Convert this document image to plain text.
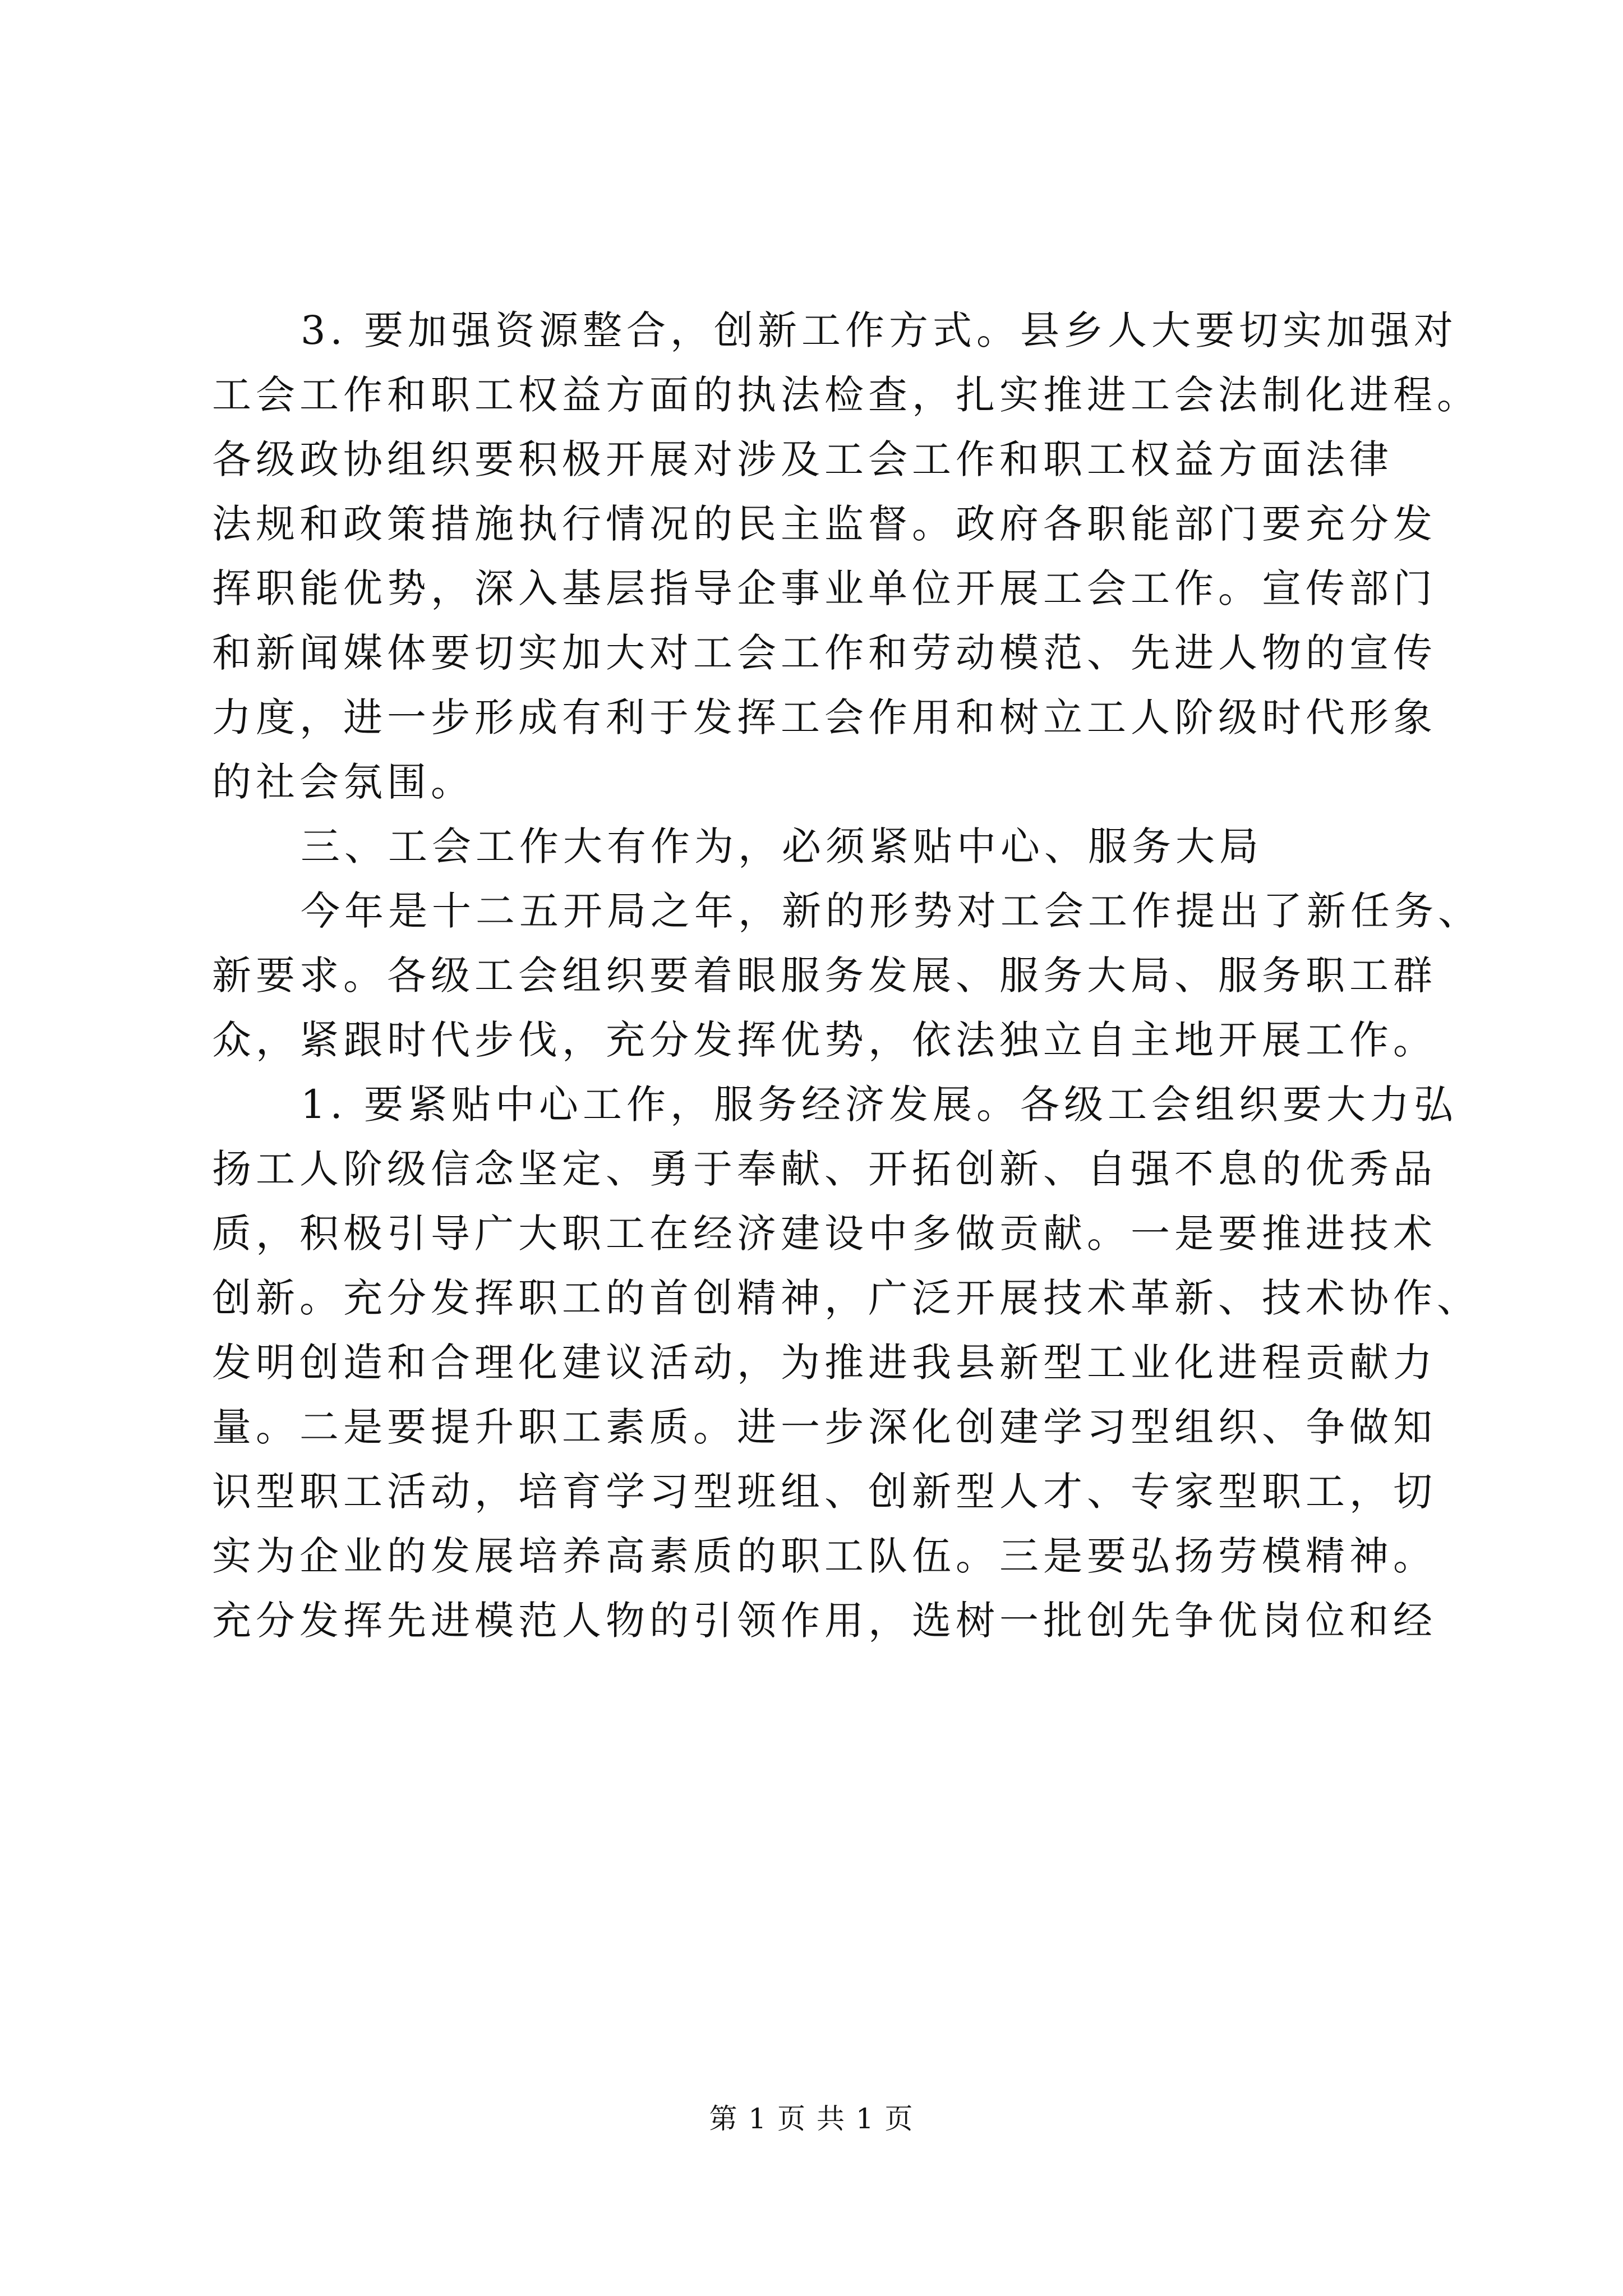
3. 要加强资源整合，创新工作方式。县乡人大要切实加强对
工会工作和职工权益方面的执法检查，扎实推进工会法制化进程。
各级政协组织要积极开展对涉及工会工作和职工权益方面法律
法规和政策措施执行情况的民主监督。政府各职能部门要充分发
挥职能优势，深入基层指导企事业单位开展工会工作。宣传部门
和新闻媒体要切实加大对工会工作和劳动模范、先进人物的宣传
力度，进一步形成有利于发挥工会作用和树立工人阶级时代形象
的社会氛围。
三、工会工作大有作为，必须紧贴中心、服务大局
今年是十二五开局之年，新的形势对工会工作提出了新任务、
新要求。各级工会组织要着眼服务发展、服务大局、服务职工群
众，紧跟时代步伐，充分发挥优势，依法独立自主地开展工作。
1. 要紧贴中心工作，服务经济发展。各级工会组织要大力弘
扬工人阶级信念坚定、勇于奉献、开拓创新、自强不息的优秀品
质，积极引导广大职工在经济建设中多做贡献。一是要推进技术
创新。充分发挥职工的首创精神，广泛开展技术革新、技术协作、
发明创造和合理化建议活动，为推进我县新型工业化进程贡献力
量。二是要提升职工素质。进一步深化创建学习型组织、争做知
识型职工活动，培育学习型班组、创新型人才、专家型职工，切
实为企业的发展培养高素质的职工队伍。三是要弘扬劳模精神。
充分发挥先进模范人物的引领作用，选树一批创先争优岗位和经
第 1 页 共 1 页
